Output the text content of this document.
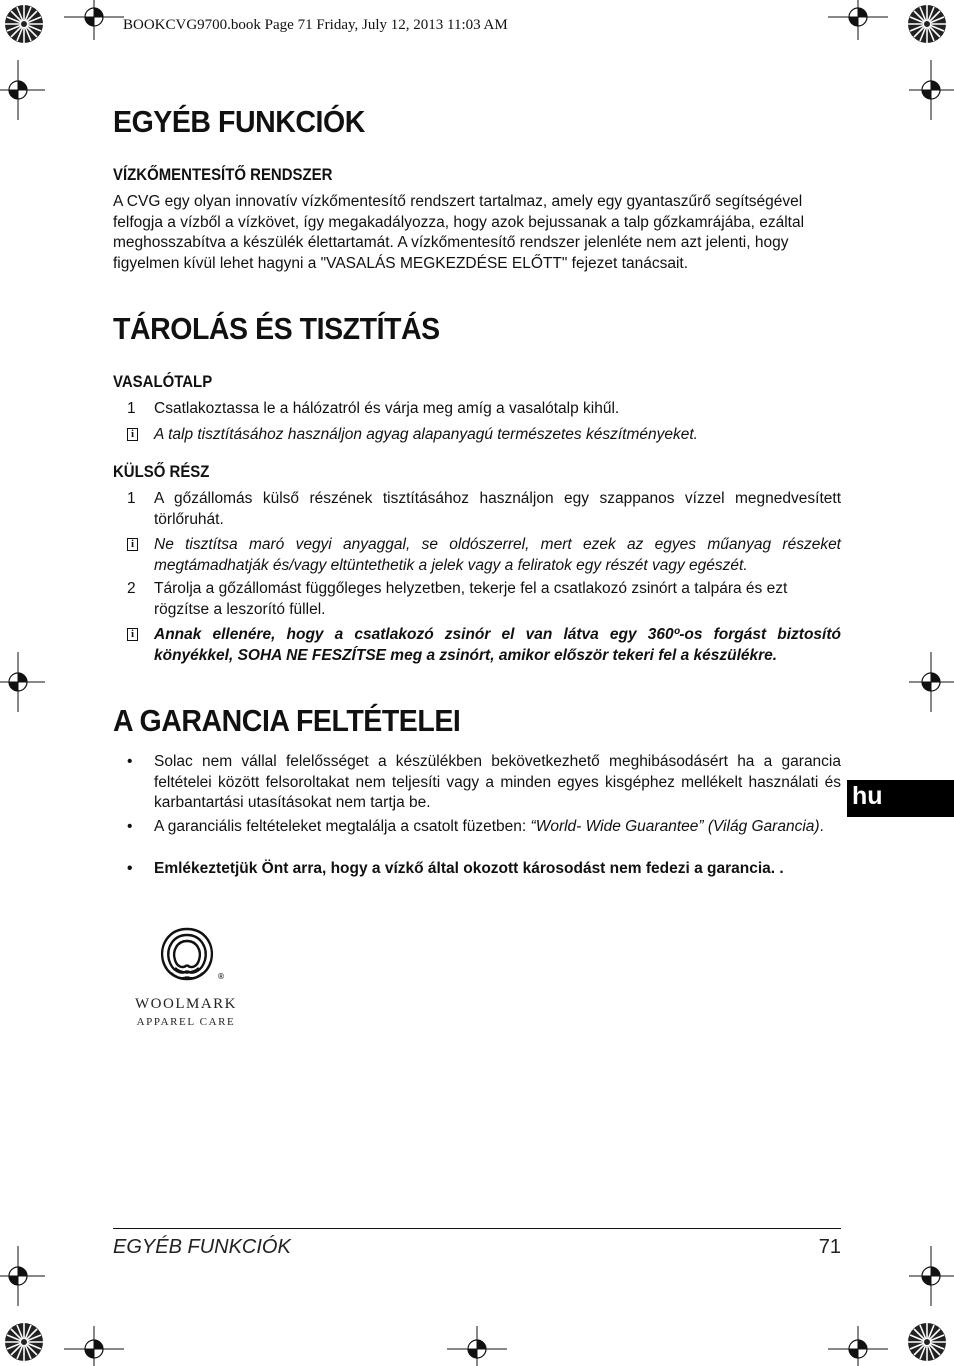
BOOKCVG9700.book Page 71 Friday, July 12, 2013 11:03 AM
EGYÉB FUNKCIÓK
VÍZKŐMENTESÍTŐ RENDSZER

A CVG egy olyan innovatív vízkőmentesítő rendszert tartalmaz, amely egy gyantaszűrő segítségével felfogja a vízből a vízkövet, így megakadályozza, hogy azok bejussanak a talp gőzkamrájába, ezáltal meghosszabítva a készülék élettartamát. A vízkőmentesítő rendszer jelenléte nem azt jelenti, hogy figyelmen kívül lehet hagyni a "VASALÁS MEGKEZDÉSE ELŐTT" fejezet tanácsait.

TÁROLÁS ÉS TISZTÍTÁS
VASALÓTALP
1	Csatlakoztassa le a hálózatról és várja meg amíg a vasalótalp kihűl.

i A talp tisztításához használjon agyag alapanyagú természetes készítményeket.

KÜLSŐ RÉSZ
1	A gőzállomás külső részének tisztításához használjon egy szappanos vízzel megnedvesített törlőruhát.

i Ne tisztítsa maró vegyi anyaggal, se oldószerrel, mert ezek az egyes műanyag részeket megtámadhatják és/vagy eltüntethetik a jelek vagy a feliratok egy részét vagy egészét.

2	Tárolja a gőzállomást függőleges helyzetben, tekerje fel a csatlakozó zsinórt a talpára és ezt rögzítse a leszorító füllel.

i Annak ellenére, hogy a csatlakozó zsinór el van látva egy 360º-os forgást biztosító könyékkel, SOHA NE FESZÍTSE meg a zsinórt, amikor először tekeri fel a készülékre.

A GARANCIA FELTÉTELEI
•	Solac nem vállal felelősséget a készülékben bekövetkezhető meghibásodásért ha a garancia feltételei között felsoroltakat nem teljesíti vagy a minden egyes kisgéphez mellékelt használati és karbantartási utasításokat nem tartja be.

•	A garanciális feltételeket megtalálja a csatolt füzetben: “World- Wide Guarantee” (Világ Garancia).

•	Emlékeztetjük Önt arra, hogy a vízkő által okozott károsodást nem fedezi a garancia. .

®
WOOLMARK
APPAREL CARE
hu
EGYÉB FUNKCIÓK	71
